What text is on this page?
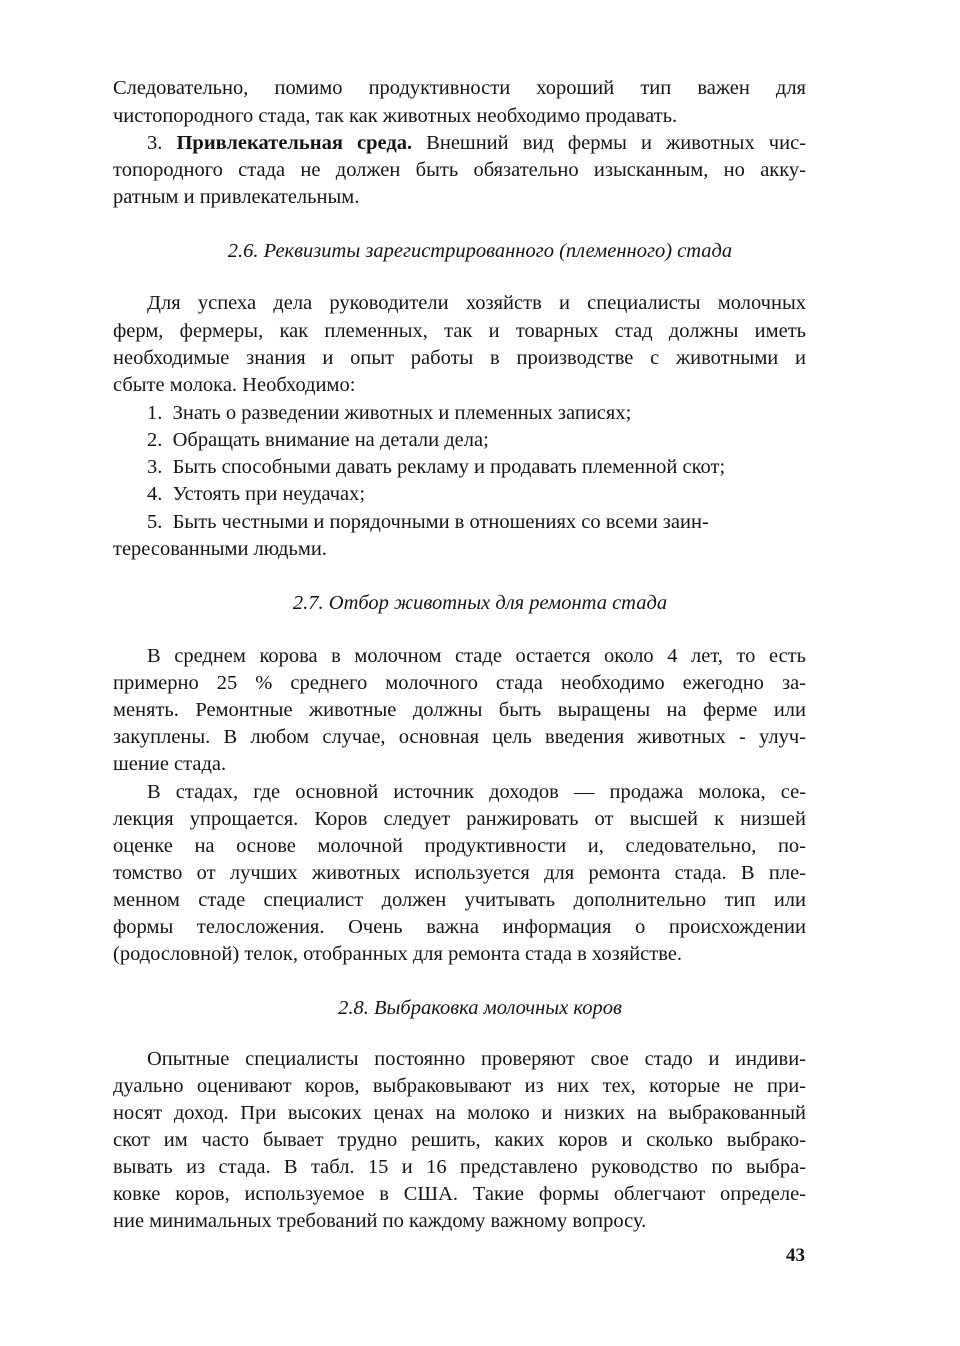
Следовательно, помимо продуктивности хороший тип важен для
чистопородного стада, так как животных необходимо продавать.
3. Привлекательная среда. Внешний вид фермы и животных чис-
топородного стада не должен быть обязательно изысканным, но акку-
ратным и привлекательным.
2.6. Реквизиты зарегистрированного (племенного) стада
Для успеха дела руководители хозяйств и специалисты молочных
ферм, фермеры, как племенных, так и товарных стад должны иметь
необходимые знания и опыт работы в производстве с животными и
сбыте молока. Необходимо:
1. Знать о разведении животных и племенных записях;
2. Обращать внимание на детали дела;
3. Быть способными давать рекламу и продавать племенной скот;
4. Устоять при неудачах;
5. Быть честными и порядочными в отношениях со всеми заин-
тересованными людьми.
2.7. Отбор животных для ремонта стада
В среднем корова в молочном стаде остается около 4 лет, то есть
примерно 25 % среднего молочного стада необходимо ежегодно за-
менять. Ремонтные животные должны быть выращены на ферме или
закуплены. В любом случае, основная цель введения животных - улуч-
шение стада.
В стадах, где основной источник доходов — продажа молока, се-
лекция упрощается. Коров следует ранжировать от высшей к низшей
оценке на основе молочной продуктивности и, следовательно, по-
томство от лучших животных используется для ремонта стада. В пле-
менном стаде специалист должен учитывать дополнительно тип или
формы телосложения. Очень важна информация о происхождении
(родословной) телок, отобранных для ремонта стада в хозяйстве.
2.8. Выбраковка молочных коров
Опытные специалисты постоянно проверяют свое стадо и индиви-
дуально оценивают коров, выбраковывают из них тех, которые не при-
носят доход. При высоких ценах на молоко и низких на выбракованный
скот им часто бывает трудно решить, каких коров и сколько выбрако-
вывать из стада. В табл. 15 и 16 представлено руководство по выбра-
ковке коров, используемое в США. Такие формы облегчают определе-
ние минимальных требований по каждому важному вопросу.
43
